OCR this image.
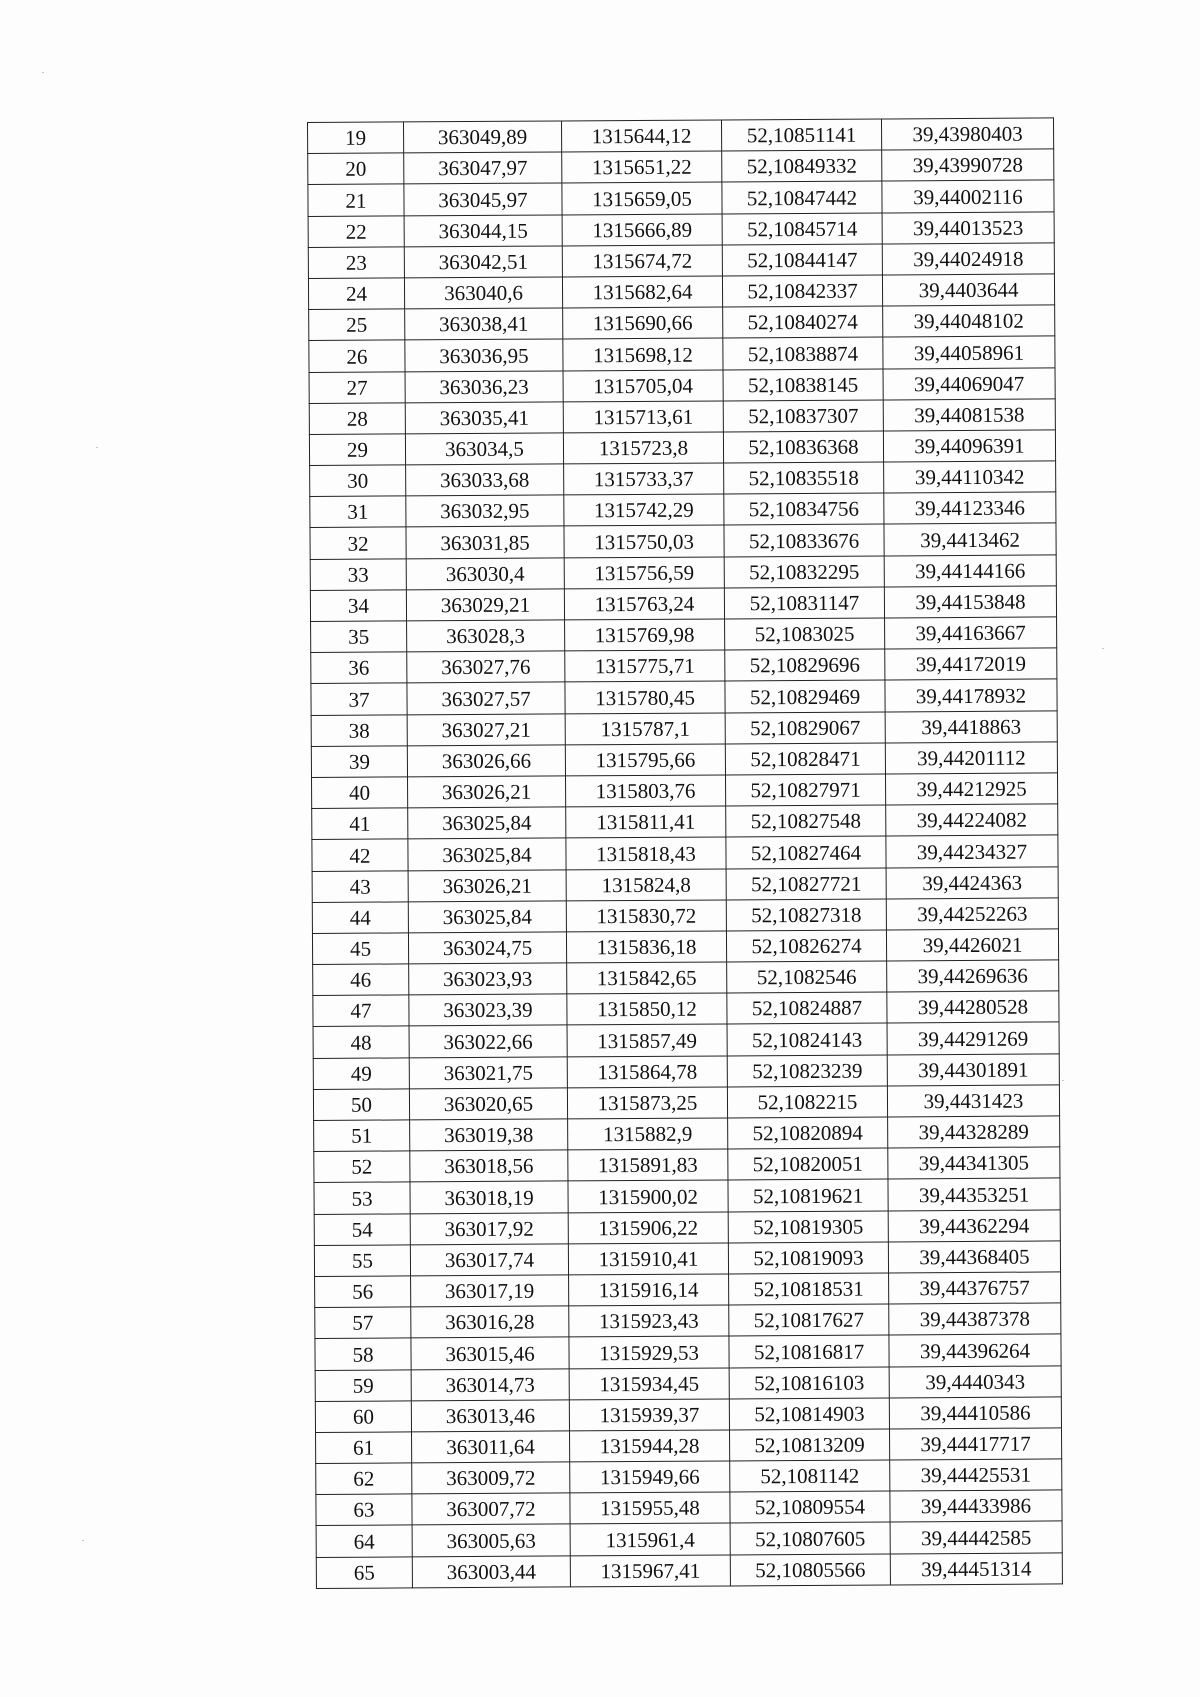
19	363049,89	1315644,12	52,10851141	39,43980403
20	363047,97	1315651,22	52,10849332	39,43990728
21	363045,97	1315659,05	52,10847442	39,44002116
22	363044,15	1315666,89	52,10845714	39,44013523
23	363042,51	1315674,72	52,10844147	39,44024918
24	363040,6	1315682,64	52,10842337	39,4403644
25	363038,41	1315690,66	52,10840274	39,44048102
26	363036,95	1315698,12	52,10838874	39,44058961
27	363036,23	1315705,04	52,10838145	39,44069047
28	363035,41	1315713,61	52,10837307	39,44081538
29	363034,5	1315723,8	52,10836368	39,44096391
30	363033,68	1315733,37	52,10835518	39,44110342
31	363032,95	1315742,29	52,10834756	39,44123346
32	363031,85	1315750,03	52,10833676	39,4413462
33	363030,4	1315756,59	52,10832295	39,44144166
34	363029,21	1315763,24	52,10831147	39,44153848
35	363028,3	1315769,98	52,1083025	39,44163667
36	363027,76	1315775,71	52,10829696	39,44172019
37	363027,57	1315780,45	52,10829469	39,44178932
38	363027,21	1315787,1	52,10829067	39,4418863
39	363026,66	1315795,66	52,10828471	39,44201112
40	363026,21	1315803,76	52,10827971	39,44212925
41	363025,84	1315811,41	52,10827548	39,44224082
42	363025,84	1315818,43	52,10827464	39,44234327
43	363026,21	1315824,8	52,10827721	39,4424363
44	363025,84	1315830,72	52,10827318	39,44252263
45	363024,75	1315836,18	52,10826274	39,4426021
46	363023,93	1315842,65	52,1082546	39,44269636
47	363023,39	1315850,12	52,10824887	39,44280528
48	363022,66	1315857,49	52,10824143	39,44291269
49	363021,75	1315864,78	52,10823239	39,44301891
50	363020,65	1315873,25	52,1082215	39,4431423
51	363019,38	1315882,9	52,10820894	39,44328289
52	363018,56	1315891,83	52,10820051	39,44341305
53	363018,19	1315900,02	52,10819621	39,44353251
54	363017,92	1315906,22	52,10819305	39,44362294
55	363017,74	1315910,41	52,10819093	39,44368405
56	363017,19	1315916,14	52,10818531	39,44376757
57	363016,28	1315923,43	52,10817627	39,44387378
58	363015,46	1315929,53	52,10816817	39,44396264
59	363014,73	1315934,45	52,10816103	39,4440343
60	363013,46	1315939,37	52,10814903	39,44410586
61	363011,64	1315944,28	52,10813209	39,44417717
62	363009,72	1315949,66	52,1081142	39,44425531
63	363007,72	1315955,48	52,10809554	39,44433986
64	363005,63	1315961,4	52,10807605	39,44442585
65	363003,44	1315967,41	52,10805566	39,44451314
